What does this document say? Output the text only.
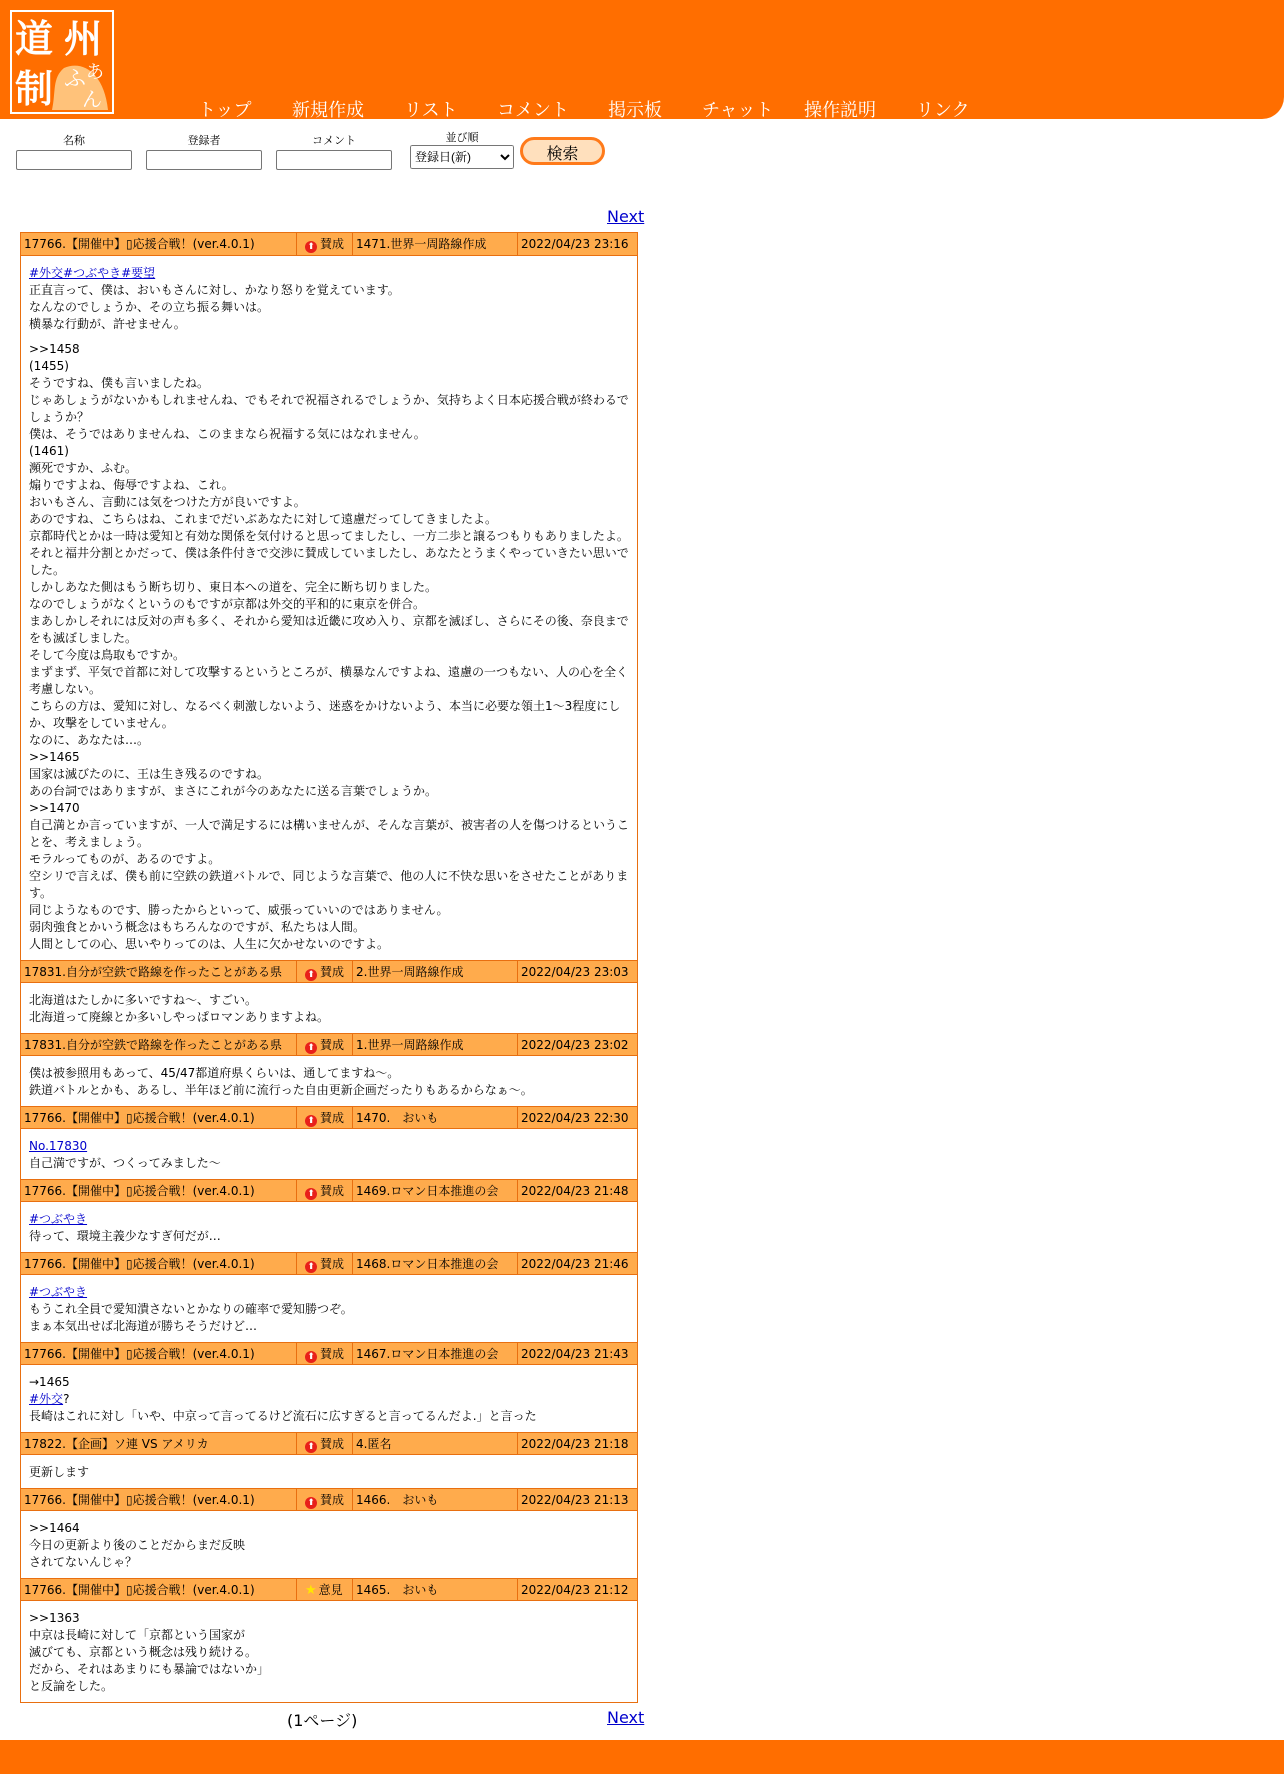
道 州
制 ふ あ
ん	トップ 新規作成 リスト コメント 掲示板 チャット 操作説明 リンク
名称	登録者	コメント	並び順
登録日(新)
検索
Next
17766.【開催中】▯応援合戦！(ver.4.0.1)	⬆ 賛成 1471.世界一周路線作成	2022/04/23 23:16

#外交#つぶやき#要望

正直言って、僕は、おいもさんに対し、かなり怒りを覚えています。

なんなのでしょうか、その立ち振る舞いは。

横暴な行動が、許せません。

>>1458

(1455)

そうですね、僕も言いましたね。

じゃあしょうがないかもしれませんね、でもそれで祝福されるでしょうか、気持ちよく日本応援合戦が終わるでしょうか？

僕は、そうではありませんね、このままなら祝福する気にはなれません。

(1461)

瀕死ですか、ふむ。

煽りですよね、侮辱ですよね、これ。

おいもさん、言動には気をつけた方が良いですよ。

あのですね、こちらはね、これまでだいぶあなたに対して遠慮だってしてきましたよ。

京都時代とかは一時は愛知と有効な関係を気付けると思ってましたし、一方二歩と譲るつもりもありましたよ。

それと福井分割とかだって、僕は条件付きで交渉に賛成していましたし、あなたとうまくやっていきたい思いでした。

しかしあなた側はもう断ち切り、東日本への道を、完全に断ち切りました。

なのでしょうがなくというのもですが京都は外交的平和的に東京を併合。

まあしかしそれには反対の声も多く、それから愛知は近畿に攻め入り、京都を滅ぼし、さらにその後、奈良までをも滅ぼしました。

そして今度は鳥取もですか。

まずまず、平気で首都に対して攻撃するというところが、横暴なんですよね、遠慮の一つもない、人の心を全く考慮しない。

こちらの方は、愛知に対し、なるべく刺激しないよう、迷惑をかけないよう、本当に必要な領土1〜3程度にしか、攻撃をしていません。

なのに、あなたは…。

>>1465

国家は滅びたのに、王は生き残るのですね。

あの台詞ではありますが、まさにこれが今のあなたに送る言葉でしょうか。

>>1470

自己満とか言っていますが、一人で満足するには構いませんが、そんな言葉が、被害者の人を傷つけるということを、考えましょう。

モラルってものが、あるのですよ。

空シリで言えば、僕も前に空鉄の鉄道バトルで、同じような言葉で、他の人に不快な思いをさせたことがあります。

同じようなものです、勝ったからといって、威張っていいのではありません。

弱肉強食とかいう概念はもちろんなのですが、私たちは人間。

人間としての心、思いやりってのは、人生に欠かせないのですよ。

17831.自分が空鉄で路線を作ったことがある県	⬆ 賛成 2.世界一周路線作成	2022/04/23 23:03

北海道はたしかに多いですね〜、すごい。

北海道って廃線とか多いしやっぱロマンありますよね。

17831.自分が空鉄で路線を作ったことがある県	⬆ 賛成 1.世界一周路線作成	2022/04/23 23:02

僕は被参照用もあって、45/47都道府県くらいは、通してますね〜。

鉄道バトルとかも、あるし、半年ほど前に流行った自由更新企画だったりもあるからなぁ〜。

17766.【開催中】▯応援合戦！(ver.4.0.1)	⬆ 賛成 1470.　おいも	2022/04/23 22:30

No.17830

自己満ですが、つくってみました〜

17766.【開催中】▯応援合戦！(ver.4.0.1)	⬆ 賛成 1469.ロマン日本推進の会	2022/04/23 21:48

#つぶやき

待って、環境主義少なすぎ何だが…

17766.【開催中】▯応援合戦！(ver.4.0.1)	⬆ 賛成 1468.ロマン日本推進の会	2022/04/23 21:46

#つぶやき

もうこれ全員で愛知潰さないとかなりの確率で愛知勝つぞ。

まぁ本気出せば北海道が勝ちそうだけど…

17766.【開催中】▯応援合戦！(ver.4.0.1)	⬆ 賛成 1467.ロマン日本推進の会	2022/04/23 21:43

→1465

#外交?

長崎はこれに対し「いや、中京って言ってるけど流石に広すぎると言ってるんだよ.」と言った

17822.【企画】ソ連 VS アメリカ	⬆ 賛成 4.匿名	2022/04/23 21:18

更新します

17766.【開催中】▯応援合戦！(ver.4.0.1)	⬆ 賛成 1466.　おいも	2022/04/23 21:13

>>1464

今日の更新より後のことだからまだ反映

されてないんじゃ？

17766.【開催中】▯応援合戦！(ver.4.0.1)	★ 意見	1465.　おいも	2022/04/23 21:12

>>1363

中京は長崎に対して「京都という国家が

滅びても、京都という概念は残り続ける。

だから、それはあまりにも暴論ではないか」

と反論をした。

(1ページ)	Next
